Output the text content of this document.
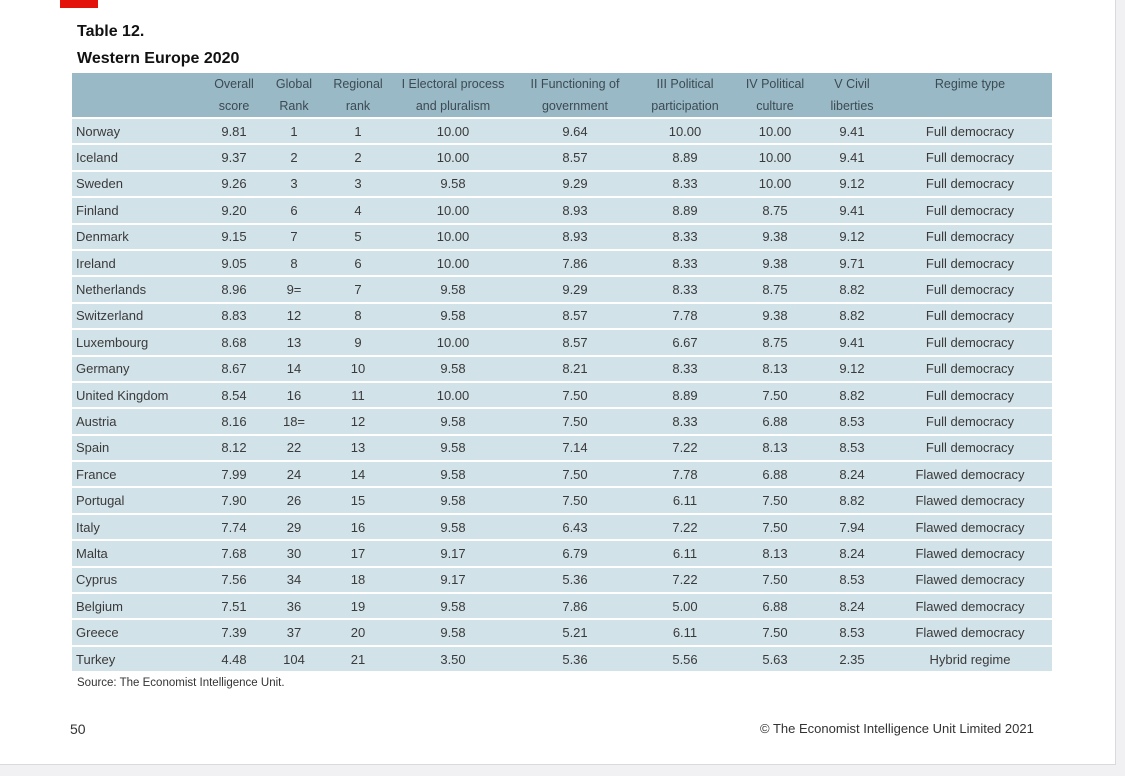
Table 12.
Western Europe 2020
	Overall score	Global Rank	Regional rank	I Electoral process and pluralism	II Functioning of government	III Political participation	IV Political culture	V Civil liberties	Regime type
Norway	9.81	1	1	10.00	9.64	10.00	10.00	9.41	Full democracy
Iceland	9.37	2	2	10.00	8.57	8.89	10.00	9.41	Full democracy
Sweden	9.26	3	3	9.58	9.29	8.33	10.00	9.12	Full democracy
Finland	9.20	6	4	10.00	8.93	8.89	8.75	9.41	Full democracy
Denmark	9.15	7	5	10.00	8.93	8.33	9.38	9.12	Full democracy
Ireland	9.05	8	6	10.00	7.86	8.33	9.38	9.71	Full democracy
Netherlands	8.96	9=	7	9.58	9.29	8.33	8.75	8.82	Full democracy
Switzerland	8.83	12	8	9.58	8.57	7.78	9.38	8.82	Full democracy
Luxembourg	8.68	13	9	10.00	8.57	6.67	8.75	9.41	Full democracy
Germany	8.67	14	10	9.58	8.21	8.33	8.13	9.12	Full democracy
United Kingdom	8.54	16	11	10.00	7.50	8.89	7.50	8.82	Full democracy
Austria	8.16	18=	12	9.58	7.50	8.33	6.88	8.53	Full democracy
Spain	8.12	22	13	9.58	7.14	7.22	8.13	8.53	Full democracy
France	7.99	24	14	9.58	7.50	7.78	6.88	8.24	Flawed democracy
Portugal	7.90	26	15	9.58	7.50	6.11	7.50	8.82	Flawed democracy
Italy	7.74	29	16	9.58	6.43	7.22	7.50	7.94	Flawed democracy
Malta	7.68	30	17	9.17	6.79	6.11	8.13	8.24	Flawed democracy
Cyprus	7.56	34	18	9.17	5.36	7.22	7.50	8.53	Flawed democracy
Belgium	7.51	36	19	9.58	7.86	5.00	6.88	8.24	Flawed democracy
Greece	7.39	37	20	9.58	5.21	6.11	7.50	8.53	Flawed democracy
Turkey	4.48	104	21	3.50	5.36	5.56	5.63	2.35	Hybrid regime
Source: The Economist Intelligence Unit.
50	© The Economist Intelligence Unit Limited 2021
